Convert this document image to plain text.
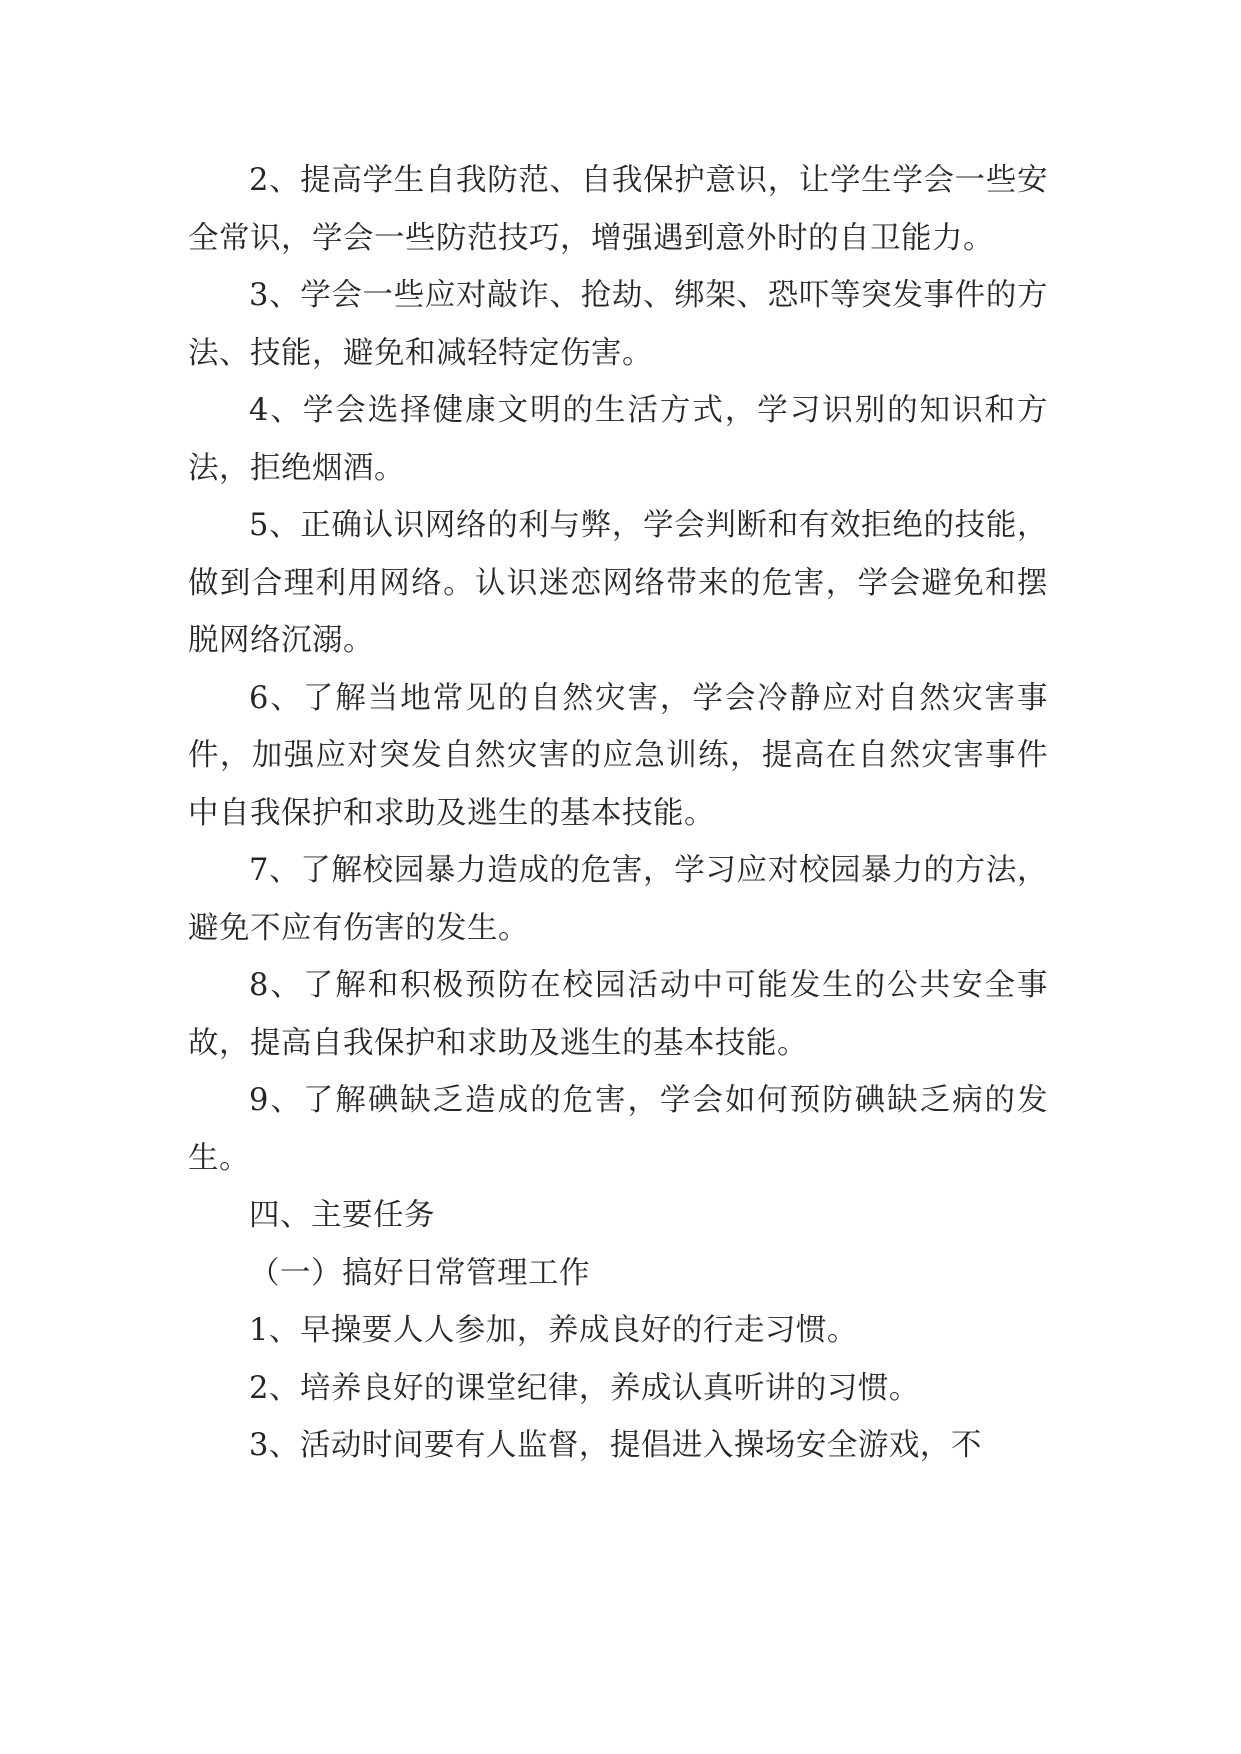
2、提高学生自我防范、自我保护意识，让学生学会一些安全常识，学会一些防范技巧，增强遇到意外时的自卫能力。

3、学会一些应对敲诈、抢劫、绑架、恐吓等突发事件的方法、技能，避免和减轻特定伤害。

4、学会选择健康文明的生活方式，学习识别的知识和方法，拒绝烟酒。

5、正确认识网络的利与弊，学会判断和有效拒绝的技能，做到合理利用网络。认识迷恋网络带来的危害，学会避免和摆脱网络沉溺。

6、了解当地常见的自然灾害，学会冷静应对自然灾害事件，加强应对突发自然灾害的应急训练，提高在自然灾害事件中自我保护和求助及逃生的基本技能。

7、了解校园暴力造成的危害，学习应对校园暴力的方法，避免不应有伤害的发生。

8、了解和积极预防在校园活动中可能发生的公共安全事故，提高自我保护和求助及逃生的基本技能。

9、了解碘缺乏造成的危害，学会如何预防碘缺乏病的发生。

四、主要任务

（一）搞好日常管理工作

1、早操要人人参加，养成良好的行走习惯。

2、培养良好的课堂纪律，养成认真听讲的习惯。

3、活动时间要有人监督，提倡进入操场安全游戏，不
